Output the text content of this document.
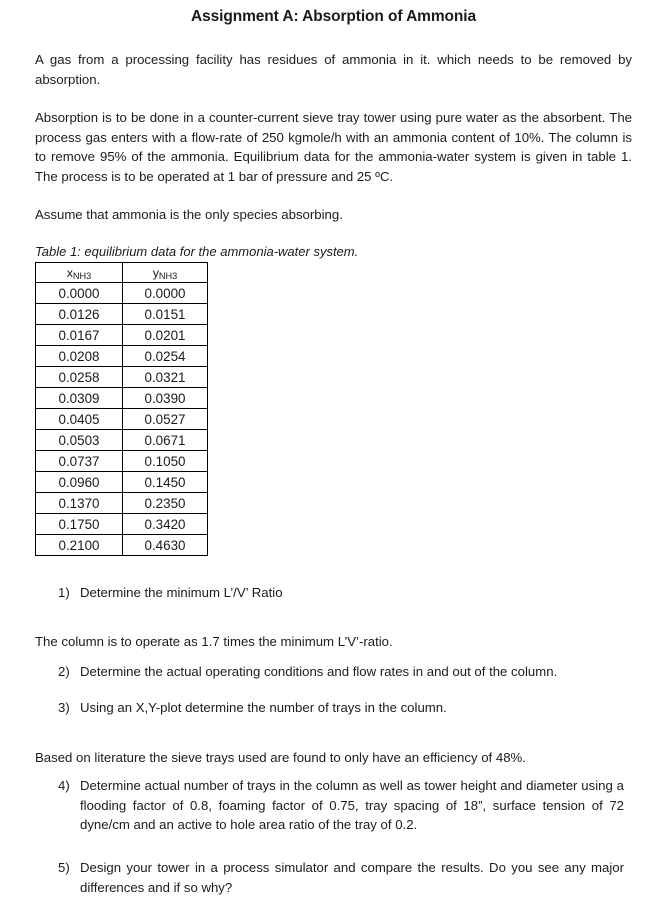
Assignment A: Absorption of Ammonia
A gas from a processing facility has residues of ammonia in it. which needs to be removed by absorption.
Absorption is to be done in a counter-current sieve tray tower using pure water as the absorbent. The process gas enters with a flow-rate of 250 kgmole/h with an ammonia content of 10%. The column is to remove 95% of the ammonia. Equilibrium data for the ammonia-water system is given in table 1. The process is to be operated at 1 bar of pressure and 25 ºC.
Assume that ammonia is the only species absorbing.
Table 1: equilibrium data for the ammonia-water system.
$x_{NH3}$	$y_{NH3}$
0.0000	0.0000
0.0126	0.0151
0.0167	0.0201
0.0208	0.0254
0.0258	0.0321
0.0309	0.0390
0.0405	0.0527
0.0503	0.0671
0.0737	0.1050
0.0960	0.1450
0.1370	0.2350
0.1750	0.3420
0.2100	0.4630
1) Determine the minimum L’/V’ Ratio
The column is to operate as 1.7 times the minimum L’V’-ratio.
2) Determine the actual operating conditions and flow rates in and out of the column.
3) Using an X,Y-plot determine the number of trays in the column.
Based on literature the sieve trays used are found to only have an efficiency of 48%.
4) Determine actual number of trays in the column as well as tower height and diameter using a flooding factor of 0.8, foaming factor of 0.75, tray spacing of 18”, surface tension of 72 dyne/cm and an active to hole area ratio of the tray of 0.2.
5) Design your tower in a process simulator and compare the results. Do you see any major differences and if so why?
